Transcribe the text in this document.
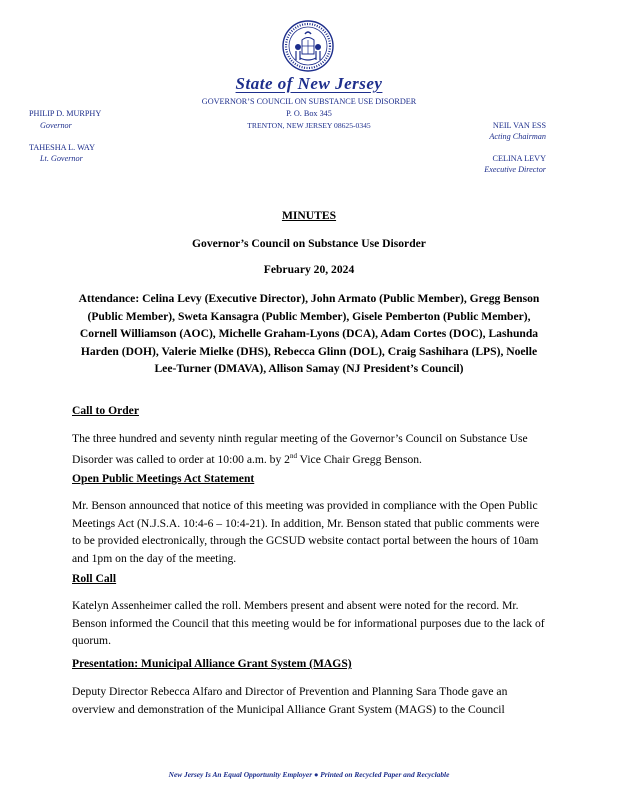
State of New Jersey
GOVERNOR’S COUNCIL ON SUBSTANCE USE DISORDER
P. O. Box 345
TRENTON, NEW JERSEY 08625-0345
PHILIP D. MURPHY
Governor
TAHESHA L. WAY
Lt. Governor
NEIL VAN ESS
Acting Chairman
CELINA LEVY
Executive Director
MINUTES
Governor’s Council on Substance Use Disorder
February 20, 2024
Attendance: Celina Levy (Executive Director), John Armato (Public Member), Gregg Benson (Public Member), Sweta Kansagra (Public Member), Gisele Pemberton (Public Member), Cornell Williamson (AOC), Michelle Graham-Lyons (DCA), Adam Cortes (DOC), Lashunda Harden (DOH), Valerie Mielke (DHS), Rebecca Glinn (DOL), Craig Sashihara (LPS), Noelle Lee-Turner (DMAVA), Allison Samay (NJ President’s Council)
Call to Order
The three hundred and seventy ninth regular meeting of the Governor’s Council on Substance Use Disorder was called to order at 10:00 a.m. by 2nd Vice Chair Gregg Benson.
Open Public Meetings Act Statement
Mr. Benson announced that notice of this meeting was provided in compliance with the Open Public Meetings Act (N.J.S.A. 10:4-6 – 10:4-21). In addition, Mr. Benson stated that public comments were to be provided electronically, through the GCSUD website contact portal between the hours of 10am and 1pm on the day of the meeting.
Roll Call
Katelyn Assenheimer called the roll. Members present and absent were noted for the record. Mr. Benson informed the Council that this meeting would be for informational purposes due to the lack of quorum.
Presentation: Municipal Alliance Grant System (MAGS)
Deputy Director Rebecca Alfaro and Director of Prevention and Planning Sara Thode gave an overview and demonstration of the Municipal Alliance Grant System (MAGS) to the Council
New Jersey Is An Equal Opportunity Employer ● Printed on Recycled Paper and Recyclable
